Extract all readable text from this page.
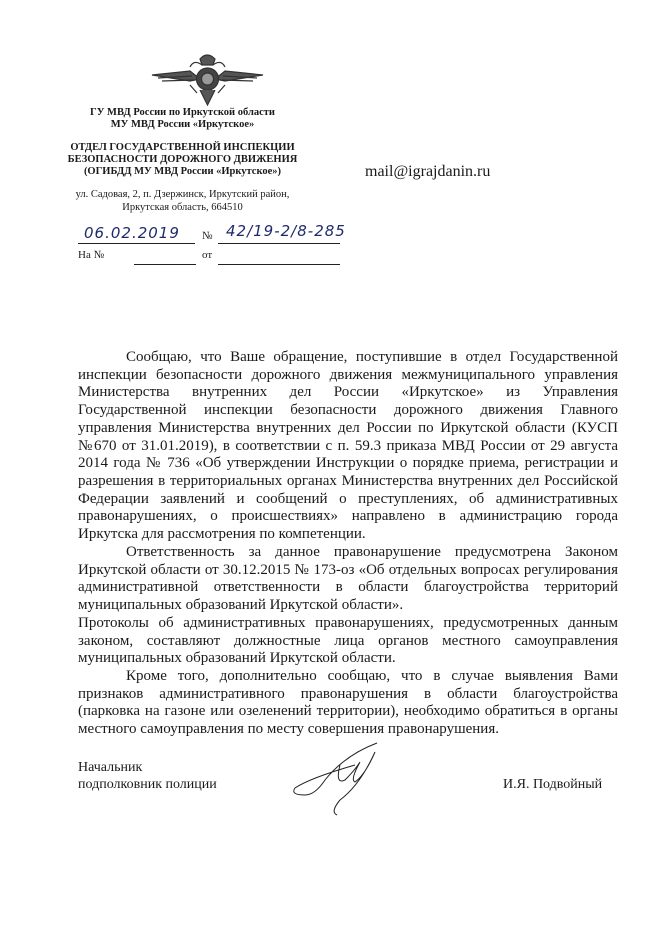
ГУ МВД России по Иркутской области
МУ МВД России «Иркутское»
ОТДЕЛ ГОСУДАРСТВЕННОЙ ИНСПЕКЦИИ
БЕЗОПАСНОСТИ ДОРОЖНОГО ДВИЖЕНИЯ
(ОГИБДД МУ МВД России «Иркутское»)
ул. Садовая, 2, п. Дзержинск, Иркутский район,
Иркутская область, 664510
mail@igrajdanin.ru
06.02.2019 № 42/19-2/8-285
На №	от
Сообщаю, что Ваше обращение, поступившие в отдел Государственной
инспекции безопасности дорожного движения межмуниципального управления
Министерства внутренних дел России «Иркутское» из Управления
Государственной инспекции безопасности дорожного движения Главного
управления Министерства внутренних дел России по Иркутской области (КУСП
№670 от 31.01.2019), в соответствии с п. 59.3 приказа МВД России от 29 августа
2014 года № 736 «Об утверждении Инструкции о порядке приема, регистрации и
разрешения в территориальных органах Министерства внутренних дел Российской
Федерации заявлений и сообщений о преступлениях, об административных
правонарушениях, о происшествиях» направлено в администрацию города
Иркутска для рассмотрения по компетенции.
Ответственность за данное правонарушение предусмотрена Законом
Иркутской области от 30.12.2015 № 173-оз «Об отдельных вопросах регулирования
административной ответственности в области благоустройства территорий
муниципальных образований Иркутской области».
Протоколы об административных правонарушениях, предусмотренных данным
законом, составляют должностные лица органов местного самоуправления
муниципальных образований Иркутской области.
Кроме того, дополнительно сообщаю, что в случае выявления Вами
признаков административного правонарушения в области благоустройства
(парковка на газоне или озеленений территории), необходимо обратиться в органы
местного самоуправления по месту совершения правонарушения.
Начальник
подполковник полиции	И.Я. Подвойный
